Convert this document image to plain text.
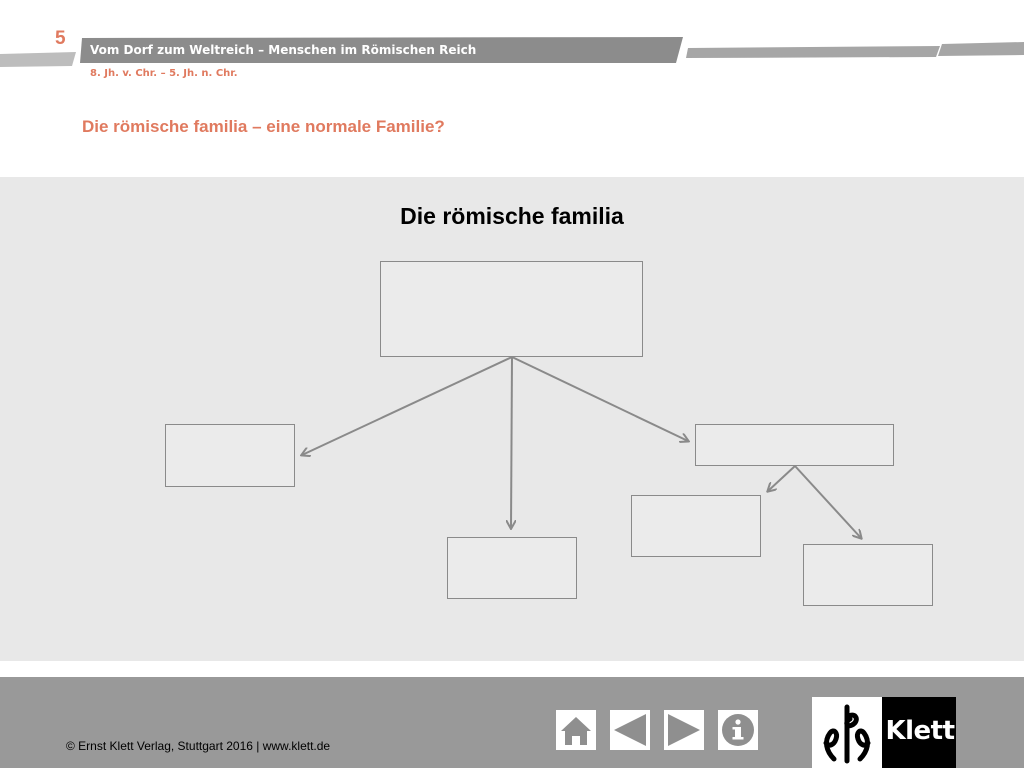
5
Vom Dorf zum Weltreich – Menschen im Römischen Reich
8. Jh. v. Chr. – 5. Jh. n. Chr.
Die römische familia – eine normale Familie?
Die römische familia
© Ernst Klett Verlag, Stuttgart 2016 | www.klett.de	Klett
